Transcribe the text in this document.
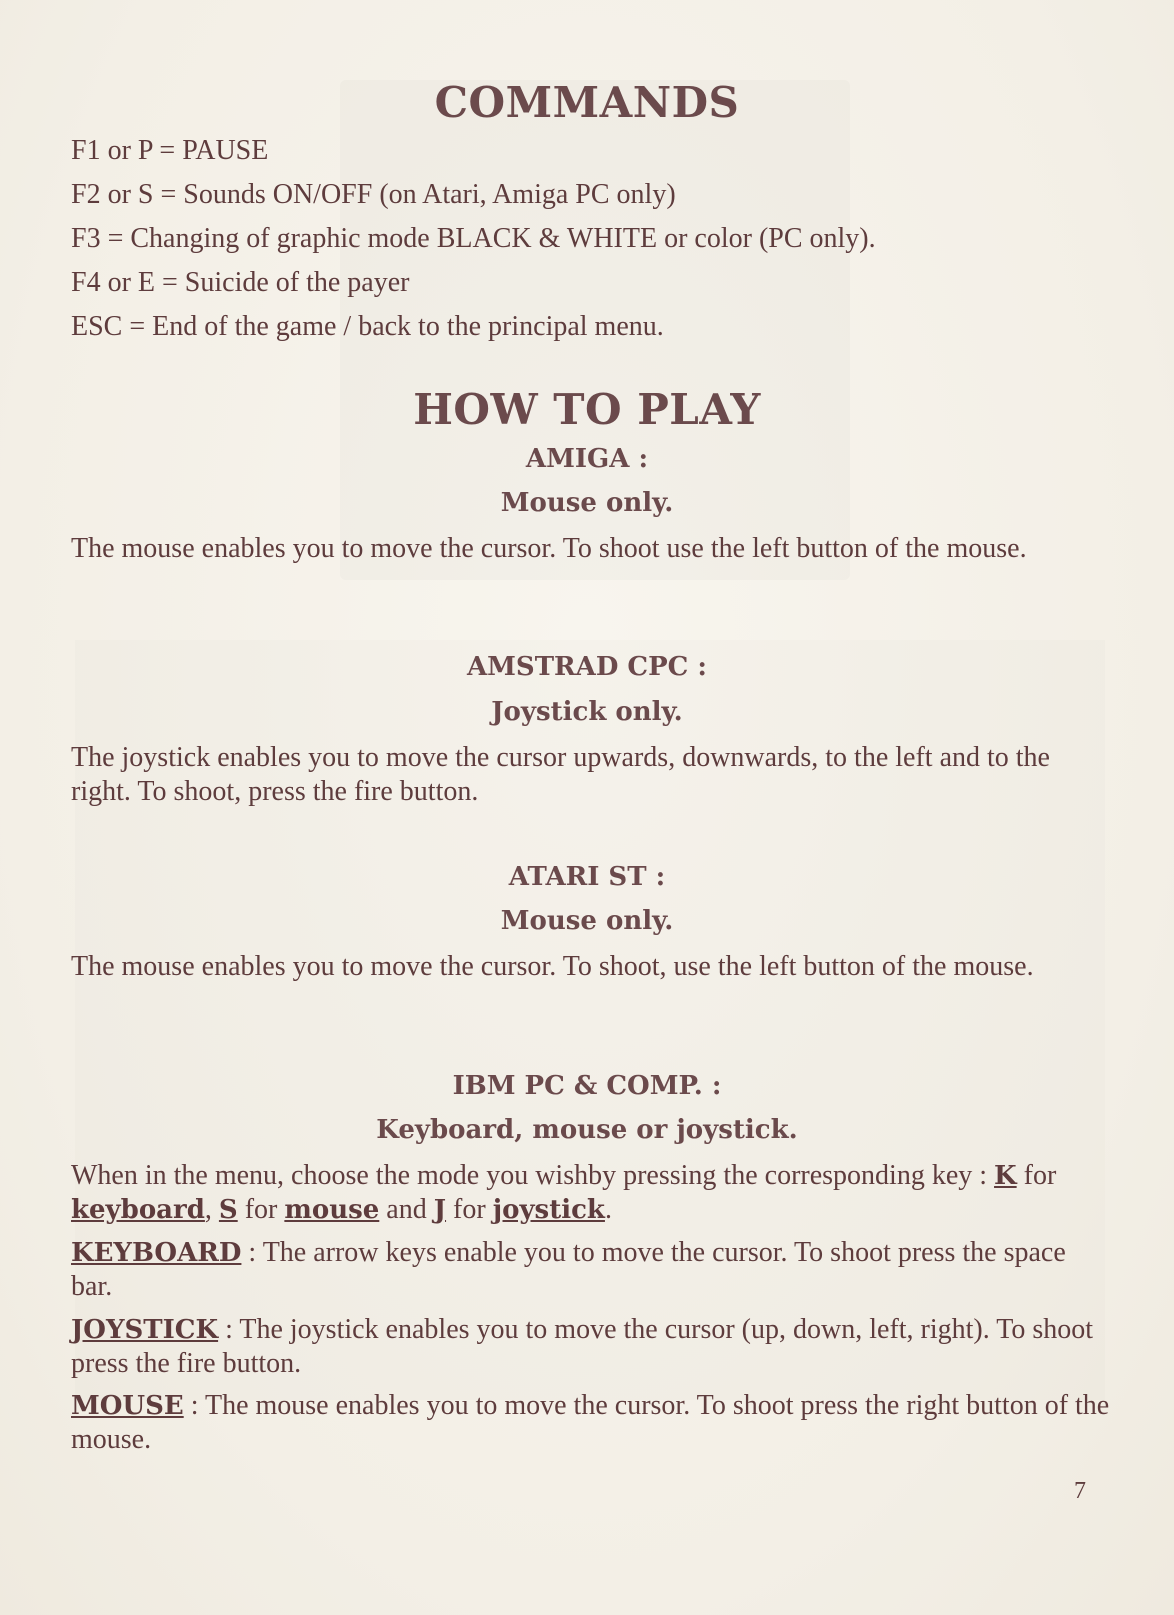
COMMANDS

F1 or P = PAUSE

F2 or S = Sounds ON/OFF (on Atari, Amiga PC only)

F3 = Changing of graphic mode BLACK & WHITE or color (PC only).

F4 or E = Suicide of the payer

ESC = End of the game / back to the principal menu.

HOW TO PLAY

AMIGA :

Mouse only.

The mouse enables you to move the cursor. To shoot use the left button of the mouse.

AMSTRAD CPC :

Joystick only.

The joystick enables you to move the cursor upwards, downwards, to the left and to the right. To shoot, press the fire button.

ATARI ST :

Mouse only.

The mouse enables you to move the cursor. To shoot, use the left button of the mouse.

IBM PC & COMP. :

Keyboard, mouse or joystick.

When in the menu, choose the mode you wishby pressing the corresponding key : K for keyboard, S for mouse and J for joystick.

KEYBOARD : The arrow keys enable you to move the cursor. To shoot press the space bar.

JOYSTICK : The joystick enables you to move the cursor (up, down, left, right). To shoot press the fire button.

MOUSE : The mouse enables you to move the cursor. To shoot press the right button of the mouse.

7
